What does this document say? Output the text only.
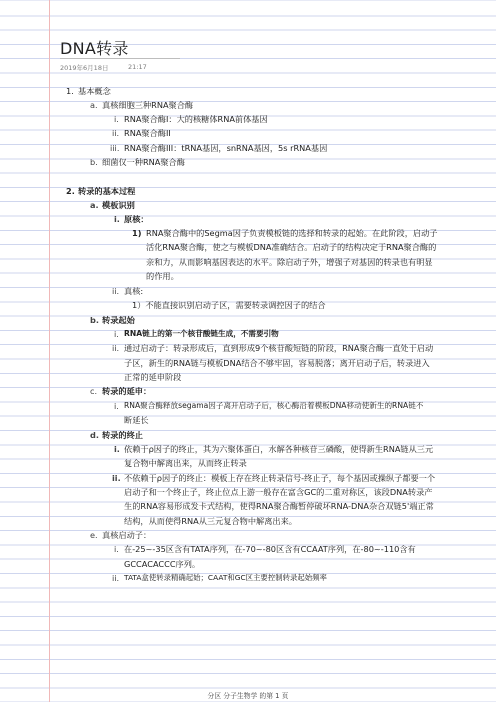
DNA转录
2019年6月18日	21:17
1. 基本概念
a. 真核细胞三种RNA聚合酶
i. RNA聚合酶I：大的核糖体RNA前体基因
ii. RNA聚合酶II
iii. RNA聚合酶III：tRNA基因，snRNA基因，5s rRNA基因
b. 细菌仅一种RNA聚合酶
2. 转录的基本过程
a. 模板识别
i. 原核：
1) RNA聚合酶中的Segma因子负责模板链的选择和转录的起始。在此阶段，启动子
活化RNA聚合酶，使之与模板DNA准确结合。启动子的结构决定于RNA聚合酶的
亲和力，从而影响基因表达的水平。除启动子外，增强子对基因的转录也有明显
的作用。
ii. 真核:
1）不能直接识别启动子区，需要转录调控因子的结合
b. 转录起始
i. RNA链上的第一个核苷酸链生成，不需要引物
ii. 通过启动子：转录形成后，直到形成9个核苷酸短链的阶段，RNA聚合酶一直处于启动
子区，新生的RNA链与模板DNA结合不够牢固，容易脱落；离开启动子后，转录进入
正常的延申阶段
c. 转录的延申：
i. RNA聚合酶释放segama因子离开启动子后，核心酶沿着模板DNA移动使新生的RNA链不
断延长
d. 转录的终止
i. 依赖于ρ因子的终止，其为六聚体蛋白，水解各种核苷三磷酸，使得新生RNA链从三元
复合物中解离出来，从而终止转录
ii. 不依赖于ρ因子的终止：模板上存在终止转录信号-终止子，每个基因或操纵子都要一个
启动子和一个终止子，终止位点上游一般存在富含GC的二重对称区，该段DNA转录产
生的RNA容易形成发卡式结构，使得RNA聚合酶暂停破坏RNA-DNA杂合双链5'端正常
结构，从而使得RNA从三元复合物中解离出来。
e. 真核启动子：
i. 在-25~-35区含有TATA序列，在-70~-80区含有CCAAT序列，在-80~-110含有
GCCACACCC序列。
ii. TATA盒使转录精确起始；CAAT和GC区主要控制转录起始频率
分区 分子生物学 的第 1 页
